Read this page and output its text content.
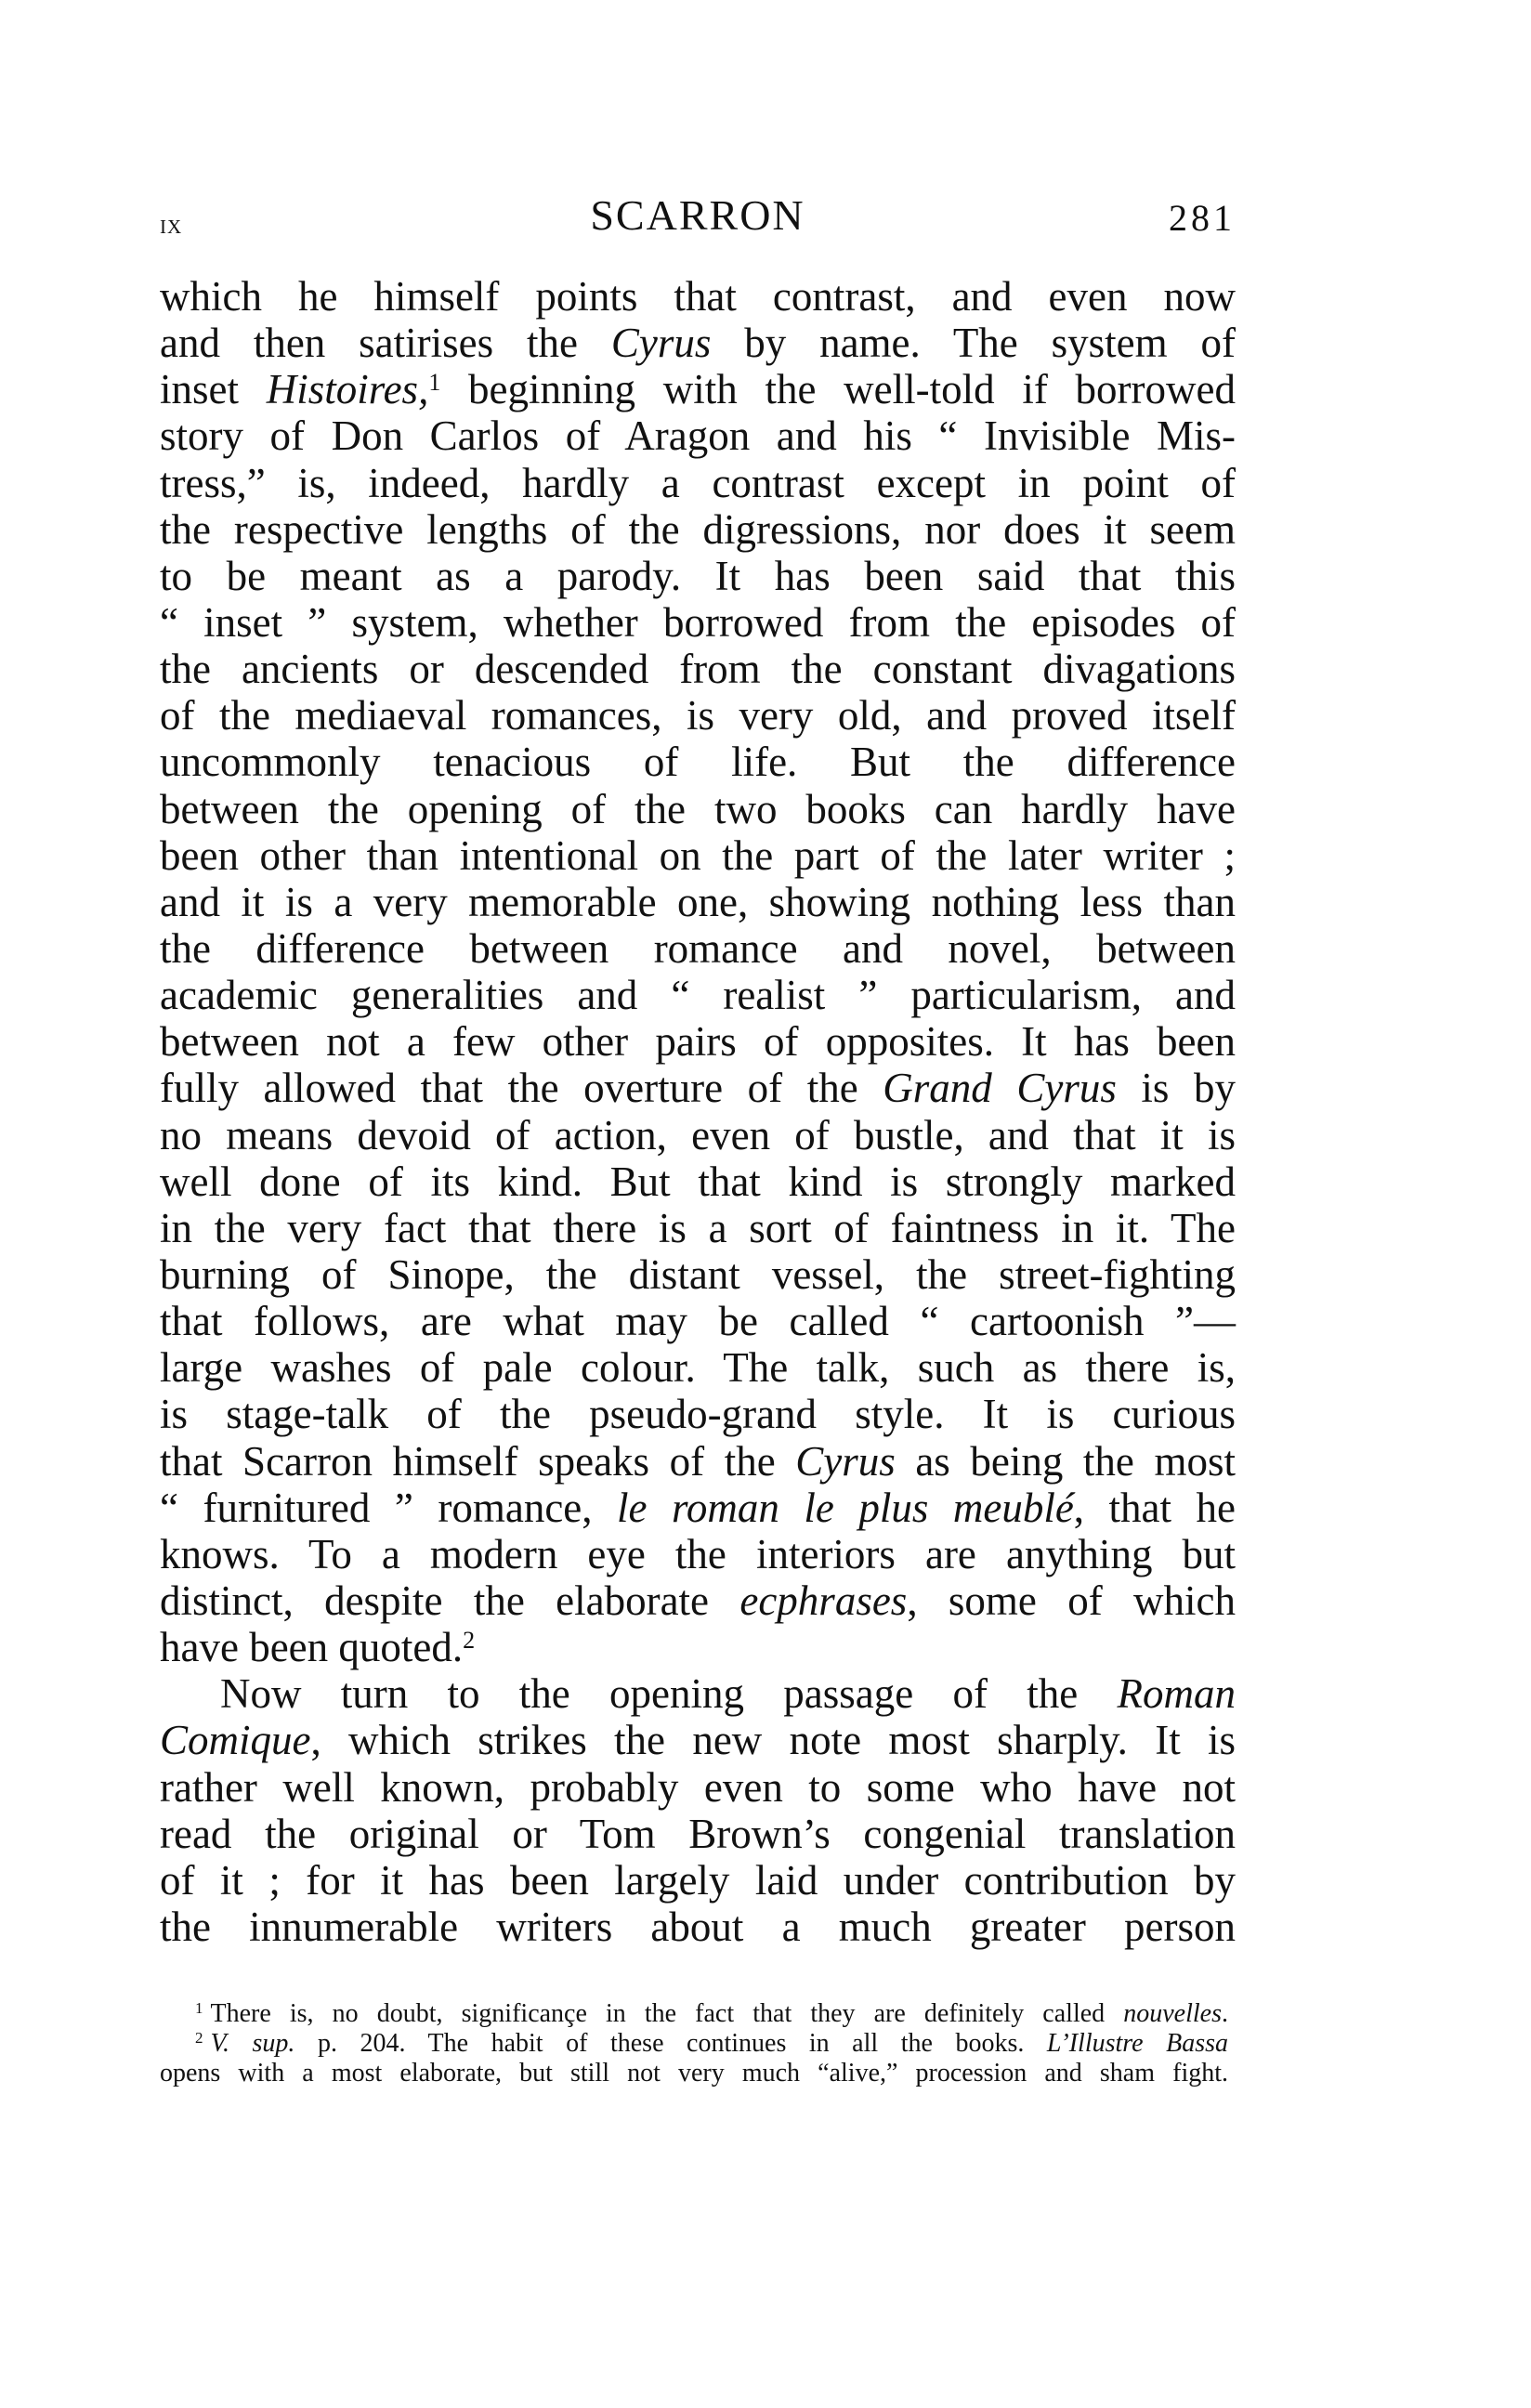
ix	SCARRON	281
which he himself points that contrast, and even now
and then satirises the Cyrus by name. The system of
inset Histoires,$^1$ beginning with the well-told if borrowed
story of Don Carlos of Aragon and his “ Invisible Mis-
tress,” is, indeed, hardly a contrast except in point of
the respective lengths of the digressions, nor does it seem
to be meant as a parody. It has been said that this
“ inset ” system, whether borrowed from the episodes of
the ancients or descended from the constant divagations
of the mediaeval romances, is very old, and proved itself
uncommonly tenacious of life. But the difference
between the opening of the two books can hardly have
been other than intentional on the part of the later writer ;
and it is a very memorable one, showing nothing less than
the difference between romance and novel, between
academic generalities and “ realist ” particularism, and
between not a few other pairs of opposites. It has been
fully allowed that the overture of the Grand Cyrus is by
no means devoid of action, even of bustle, and that it is
well done of its kind. But that kind is strongly marked
in the very fact that there is a sort of faintness in it. The
burning of Sinope, the distant vessel, the street-fighting
that follows, are what may be called “ cartoonish ”—
large washes of pale colour. The talk, such as there is,
is stage-talk of the pseudo-grand style. It is curious
that Scarron himself speaks of the Cyrus as being the most
“ furnitured ” romance, le roman le plus meublé, that he
knows. To a modern eye the interiors are anything but
distinct, despite the elaborate ecphrases, some of which
have been quoted.$^2$
Now turn to the opening passage of the Roman
Comique, which strikes the new note most sharply. It is
rather well known, probably even to some who have not
read the original or Tom Brown’s congenial translation
of it ; for it has been largely laid under contribution by
the innumerable writers about a much greater person
$^1$ There is, no doubt, significançe in the fact that they are definitely called nouvelles.
$^2$ V. sup. p. 204. The habit of these continues in all the books. L’Illustre Bassa
opens with a most elaborate, but still not very much “alive,” procession and sham fight.
